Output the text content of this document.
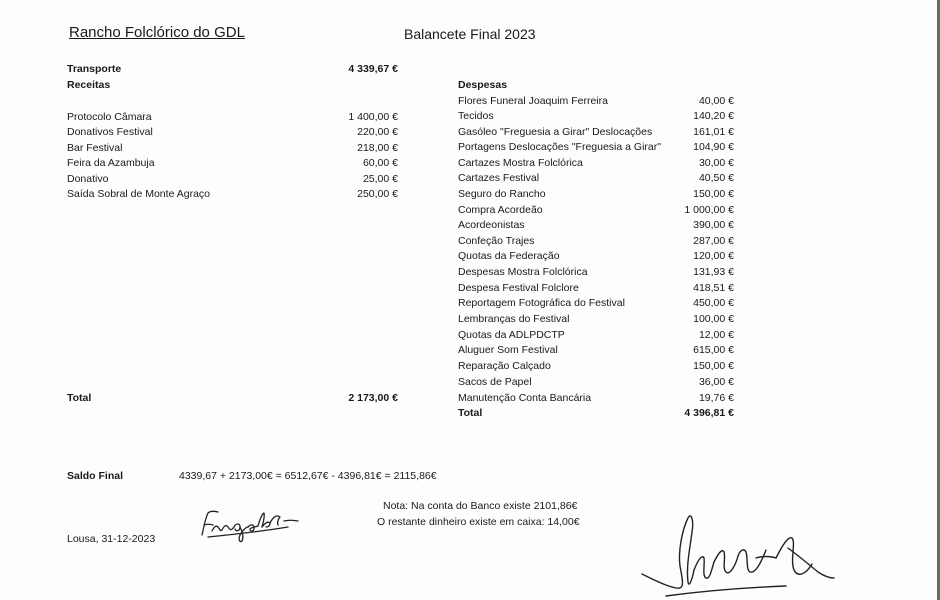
Rancho Folclórico do GDL	Balancete Final 2023
Transporte	4 339,67 €
Receitas
Protocolo Câmara	1 400,00 €
Donativos Festival	220,00 €
Bar Festival	218,00 €
Feira da Azambuja	60,00 €
Donativo	25,00 €
Saída Sobral de Monte Agraço	250,00 €
Total	2 173,00 €
Despesas
Flores Funeral Joaquim Ferreira	40,00 €
Tecidos	140,20 €
Gasóleo "Freguesia a Girar" Deslocações	161,01 €
Portagens Deslocações "Freguesia a Girar"	104,90 €
Cartazes Mostra Folclórica	30,00 €
Cartazes Festival	40,50 €
Seguro do Rancho	150,00 €
Compra Acordeão	1 000,00 €
Acordeonistas	390,00 €
Confeção Trajes	287,00 €
Quotas da Federação	120,00 €
Despesas Mostra Folclórica	131,93 €
Despesa Festival Folclore	418,51 €
Reportagem Fotográfica do Festival	450,00 €
Lembranças do Festival	100,00 €
Quotas da ADLPDCTP	12,00 €
Aluguer Som Festival	615,00 €
Reparação Calçado	150,00 €
Sacos de Papel	36,00 €
Manutenção Conta Bancária	19,76 €
Total	4 396,81 €
Saldo Final	4339,67 + 2173,00€ = 6512,67€ - 4396,81€ = 2115,86€
Nota: Na conta do Banco existe 2101,86€
O restante dinheiro existe em caixa: 14,00€
Lousa, 31-12-2023
